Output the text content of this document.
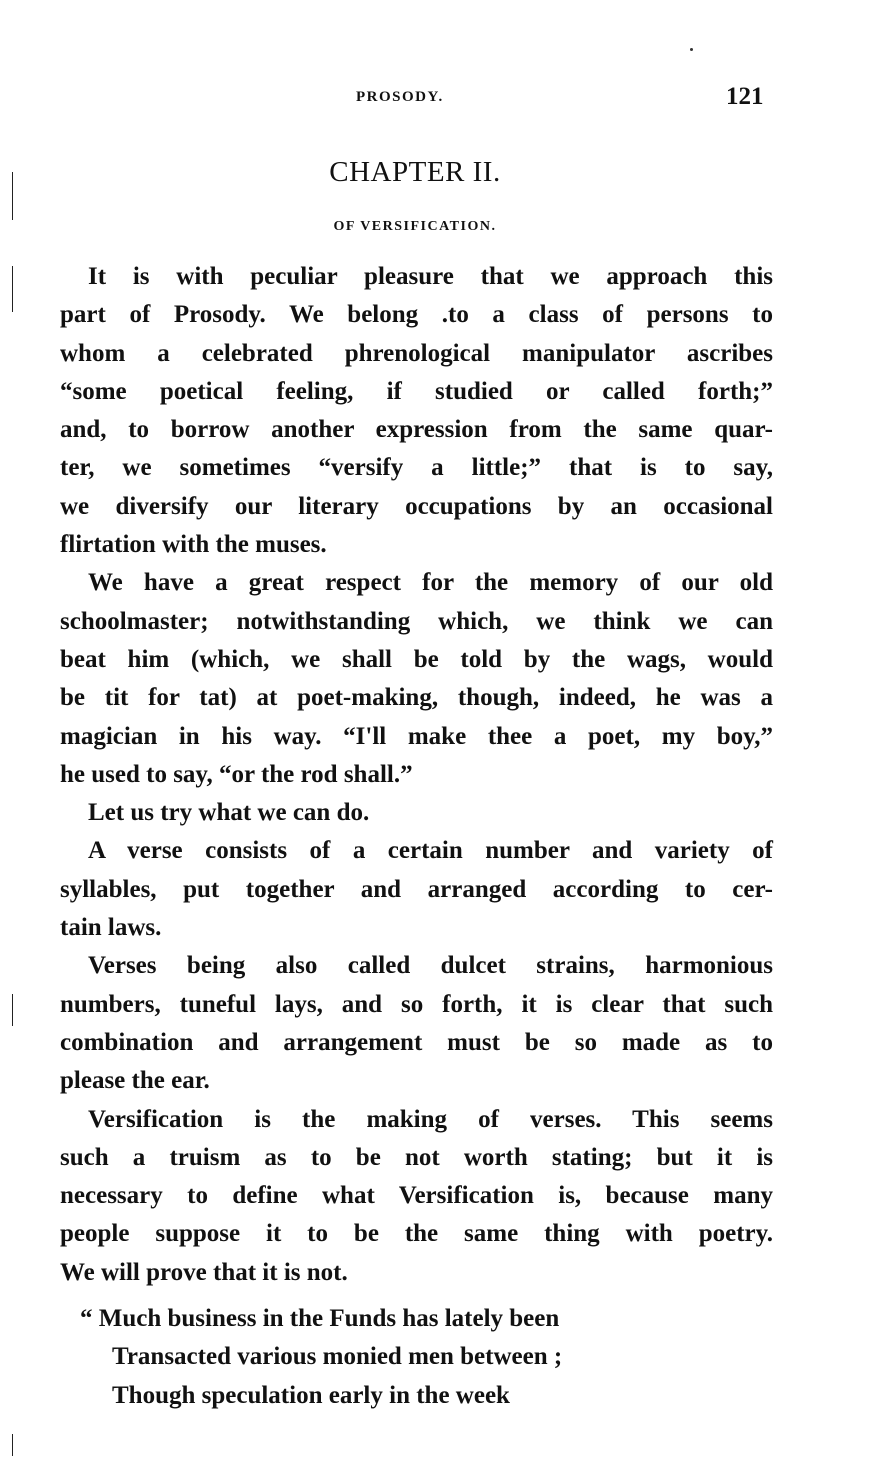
PROSODY.	121
CHAPTER II.
OF VERSIFICATION.
It is with peculiar pleasure that we approach this
part of Prosody. We belong .to a class of persons to
whom a celebrated phrenological manipulator ascribes
“some poetical feeling, if studied or called forth;”
and, to borrow another expression from the same quar-
ter, we sometimes “versify a little;” that is to say,
we diversify our literary occupations by an occasional
flirtation with the muses.
We have a great respect for the memory of our old
schoolmaster; notwithstanding which, we think we can
beat him (which, we shall be told by the wags, would
be tit for tat) at poet-making, though, indeed, he was a
magician in his way. “I'll make thee a poet, my boy,”
he used to say, “or the rod shall.”
Let us try what we can do.
A verse consists of a certain number and variety of
syllables, put together and arranged according to cer-
tain laws.
Verses being also called dulcet strains, harmonious
numbers, tuneful lays, and so forth, it is clear that such
combination and arrangement must be so made as to
please the ear.
Versification is the making of verses. This seems
such a truism as to be not worth stating; but it is
necessary to define what Versification is, because many
people suppose it to be the same thing with poetry.
We will prove that it is not.
“ Much business in the Funds has lately been
Transacted various monied men between ;
Though speculation early in the week
